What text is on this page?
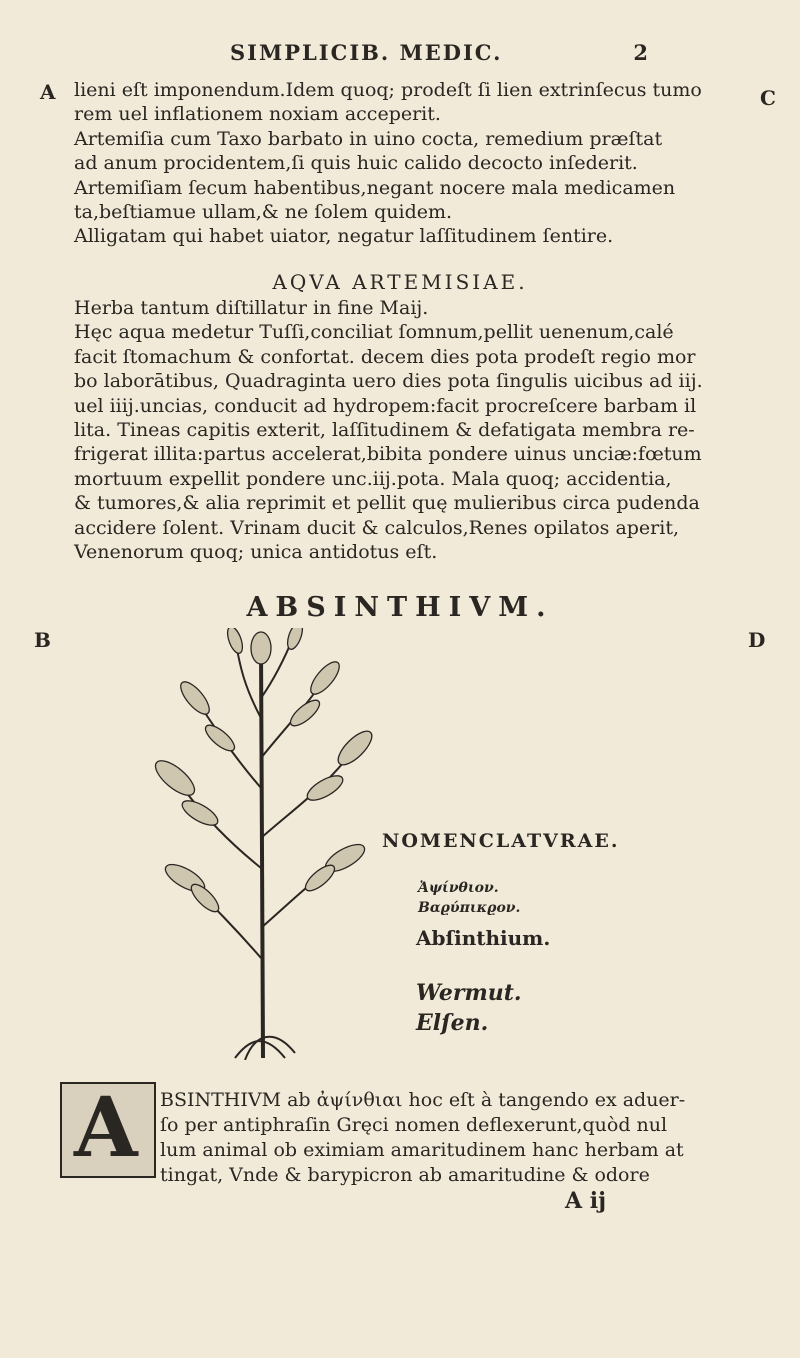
SIMPLICIB. MEDIC.	2
A	C
lieni eſt imponendum.Idem quoq; prodeſt ſi lien extrinſecus tumo
rem uel inflationem noxiam acceperit.
Artemiſia cum Taxo barbato in uino cocta, remedium præſtat
ad anum procidentem,ſi quis huic calido decocto inſederit.
Artemiſiam ſecum habentibus,negant nocere mala medicamen
ta,beſtiamue ullam,& ne ſolem quidem.
Alligatam qui habet uiator, negatur laſſitudinem ſentire.
AQVA ARTEMISIAE.
Herba tantum diſtillatur in fine Maij.
Hęc aqua medetur Tuſſi,conciliat ſomnum,pellit uenenum,calé
facit ſtomachum & confortat. decem dies pota prodeſt regio mor
bo laborātibus, Quadraginta uero dies pota ſingulis uicibus ad iij.
uel iiij.uncias, conducit ad hydropem:facit procreſcere barbam il
lita. Tineas capitis exterit, laſſitudinem & defatigata membra re-
frigerat illita:partus accelerat,bibita pondere uinus unciæ:fœtum
mortuum expellit pondere unc.iij.pota. Mala quoq; accidentia,
& tumores,& alia reprimit et pellit quę mulieribus circa pudenda
accidere ſolent. Vrinam ducit & calculos,Renes opilatos aperit,
Venenorum quoq; unica antidotus eſt.
ABSINTHIVM.
B	D
NOMENCLATVRAE.
Ἀψίνθιον.
Βαϱύπικϱον.
Abſinthium.
Wermut.
Elſen.
A BSINTHIVM ab ἀψίνθιαι hoc eſt à tangendo ex aduer-
ſo per antiphraſin Gręci nomen deflexerunt,quòd nul
lum animal ob eximiam amaritudinem hanc herbam at
tingat, Vnde & barypicron ab amaritudine & odore
A ij
